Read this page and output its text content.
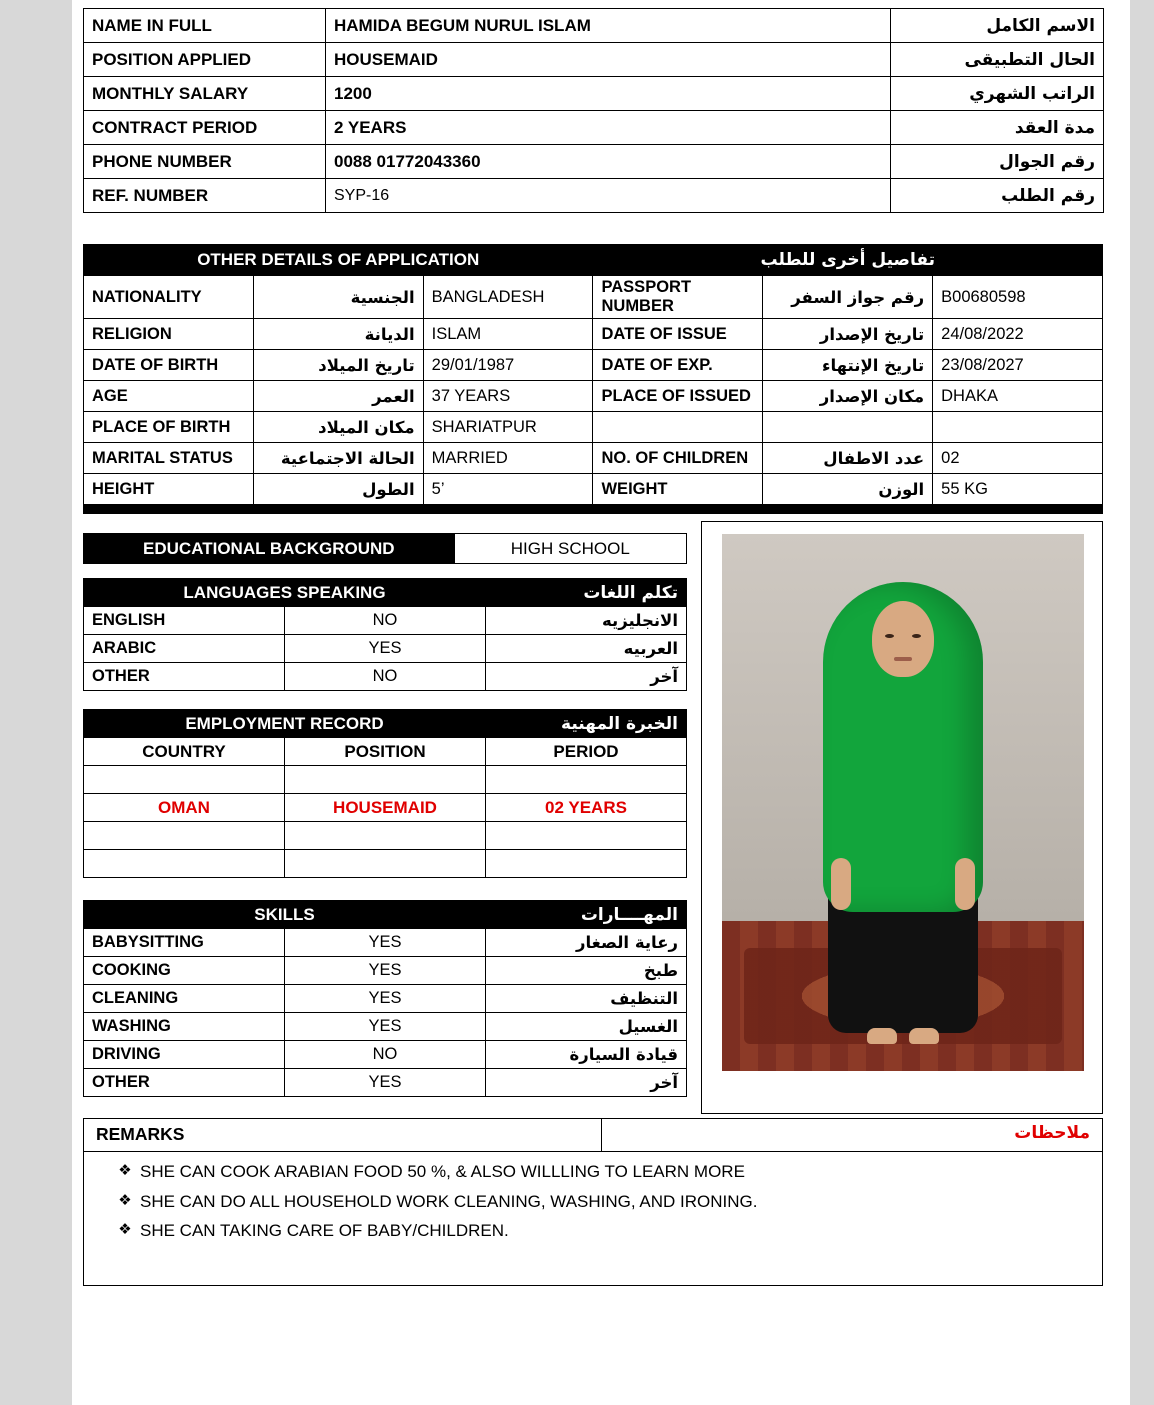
NAME IN FULL	HAMIDA BEGUM NURUL ISLAM	الاسم الكامل
POSITION APPLIED	HOUSEMAID	الحال التطبيقى
MONTHLY SALARY	1200	الراتب الشهري
CONTRACT PERIOD	2 YEARS	مدة العقد
PHONE NUMBER	0088 01772043360	رقم الجوال
REF. NUMBER	SYP-16	رقم الطلب
OTHER DETAILS OF APPLICATION			تفاصيل أخرى للطلب		
NATIONALITY	الجنسية	BANGLADESH	PASSPORT NUMBER	رقم جواز السفر	B00680598
RELIGION	الديانة	ISLAM	DATE OF ISSUE	تاريخ الإصدار	24/08/2022
DATE OF BIRTH	تاريخ الميلاد	29/01/1987	DATE OF EXP.	تاريخ الإنتهاء	23/08/2027
AGE	العمر	37 YEARS	PLACE OF ISSUED	مكان الإصدار	DHAKA
PLACE OF BIRTH	مكان الميلاد	SHARIATPUR			
MARITAL STATUS	الحالة الاجتماعية	MARRIED	NO. OF CHILDREN	عدد الاطفال	02
HEIGHT	الطول	5’	WEIGHT	الوزن	55 KG
EDUCATIONAL BACKGROUND	HIGH SCHOOL
LANGUAGES SPEAKING		تكلم اللغات
ENGLISH	NO	الانجليزيه
ARABIC	YES	العربيه
OTHER	NO	آخر
EMPLOYMENT RECORD		الخبرة المهنية
COUNTRY	POSITION	PERIOD

OMAN	HOUSEMAID	02 YEARS

SKILLS		المهــــارات
BABYSITTING	YES	رعاية الصغار
COOKING	YES	طبخ
CLEANING	YES	التنظيف
WASHING	YES	الغسيل
DRIVING	NO	قيادة السيارة
OTHER	YES	آخر
REMARKS	ملاحظات
❖ SHE CAN COOK ARABIAN FOOD 50 %, & ALSO WILLLING TO LEARN MORE
❖ SHE CAN DO ALL HOUSEHOLD WORK CLEANING, WASHING, AND IRONING.
❖ SHE CAN TAKING CARE OF BABY/CHILDREN.
